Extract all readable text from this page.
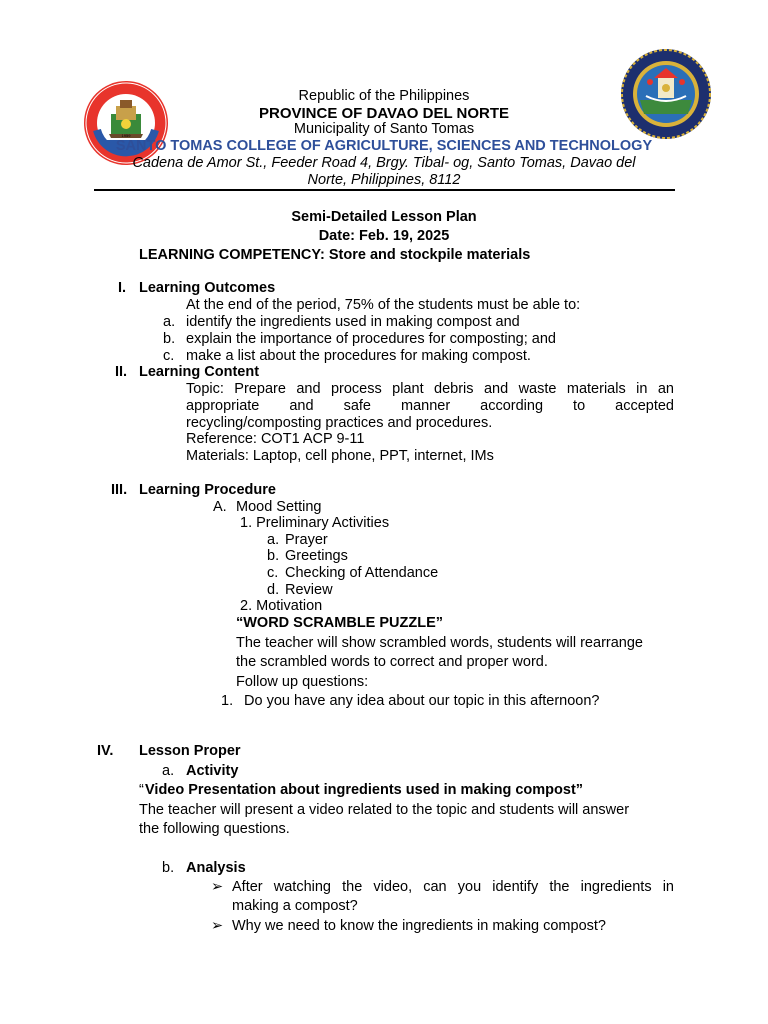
1959
Republic of the Philippines
PROVINCE OF DAVAO DEL NORTE
Municipality of Santo Tomas
SANTO TOMAS COLLEGE OF AGRICULTURE, SCIENCES AND TECHNOLOGY
Cadena de Amor St., Feeder Road 4, Brgy. Tibal- og, Santo Tomas, Davao del
Norte, Philippines, 8112
Semi-Detailed Lesson Plan
Date: Feb. 19, 2025
LEARNING COMPETENCY: Store and stockpile materials
I. Learning Outcomes
At the end of the period, 75% of the students must be able to:
a. identify the ingredients used in making compost and
b. explain the importance of procedures for composting; and
c. make a list about the procedures for making compost.
II. Learning Content
Topic: Prepare and process plant debris and waste materials in an
appropriate and safe manner according to accepted
recycling/composting practices and procedures.
Reference: COT1 ACP 9-11
Materials: Laptop, cell phone, PPT, internet, IMs
III. Learning Procedure
A. Mood Setting
1. Preliminary Activities
a. Prayer
b. Greetings
c. Checking of Attendance
d. Review
2. Motivation
“WORD SCRAMBLE PUZZLE”
The teacher will show scrambled words, students will rearrange
the scrambled words to correct and proper word.
Follow up questions:
1. Do you have any idea about our topic in this afternoon?
IV. Lesson Proper
a. Activity
“ Video Presentation about ingredients used in making compost”
The teacher will present a video related to the topic and students will answer
the following questions.
b. Analysis
➢ After watching the video, can you identify the ingredients in
making a compost?
➢ Why we need to know the ingredients in making compost?
